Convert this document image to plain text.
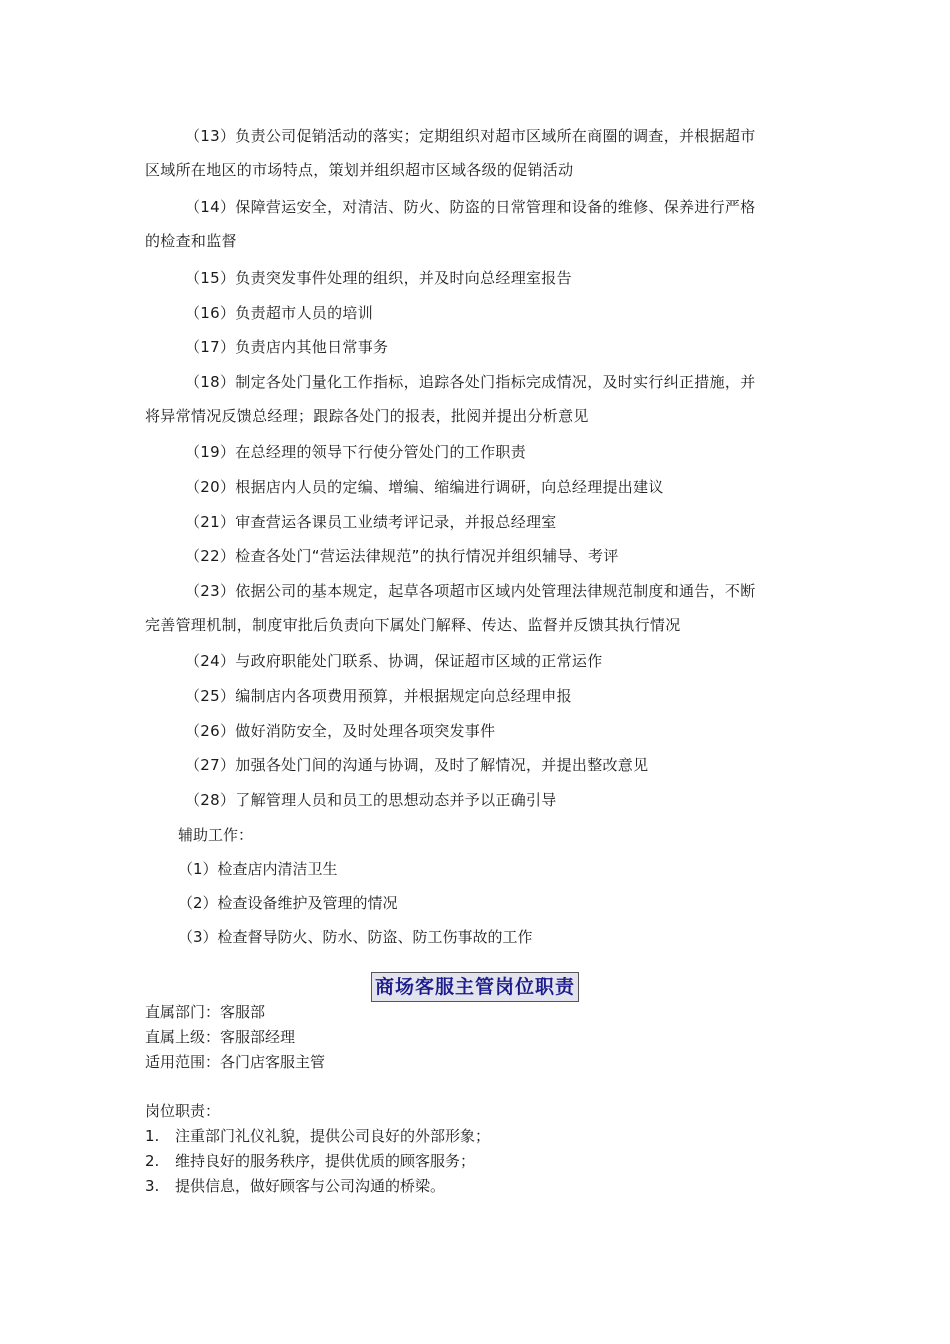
（13）负责公司促销活动的落实；定期组织对超市区域所在商圈的调查，并根据超市
区域所在地区的市场特点，策划并组织超市区域各级的促销活动
（14）保障营运安全，对清洁、防火、防盗的日常管理和设备的维修、保养进行严格
的检查和监督
（15）负责突发事件处理的组织，并及时向总经理室报告
（16）负责超市人员的培训
（17）负责店内其他日常事务
（18）制定各处门量化工作指标，追踪各处门指标完成情况，及时实行纠正措施，并
将异常情况反馈总经理；跟踪各处门的报表，批阅并提出分析意见
（19）在总经理的领导下行使分管处门的工作职责
（20）根据店内人员的定编、增编、缩编进行调研，向总经理提出建议
（21）审查营运各课员工业绩考评记录，并报总经理室
（22）检查各处门“营运法律规范”的执行情况并组织辅导、考评
（23）依据公司的基本规定，起草各项超市区域内处管理法律规范制度和通告，不断
完善管理机制，制度审批后负责向下属处门解释、传达、监督并反馈其执行情况
（24）与政府职能处门联系、协调，保证超市区域的正常运作
（25）编制店内各项费用预算，并根据规定向总经理申报
（26）做好消防安全，及时处理各项突发事件
（27）加强各处门间的沟通与协调，及时了解情况，并提出整改意见
（28）了解管理人员和员工的思想动态并予以正确引导
辅助工作：
（1）检查店内清洁卫生
（2）检查设备维护及管理的情况
（3）检查督导防火、防水、防盗、防工伤事故的工作
商场客服主管岗位职责
直属部门：客服部
直属上级：客服部经理
适用范围：各门店客服主管
岗位职责：
1. 注重部门礼仪礼貌，提供公司良好的外部形象；
2. 维持良好的服务秩序，提供优质的顾客服务；
3. 提供信息，做好顾客与公司沟通的桥梁。
